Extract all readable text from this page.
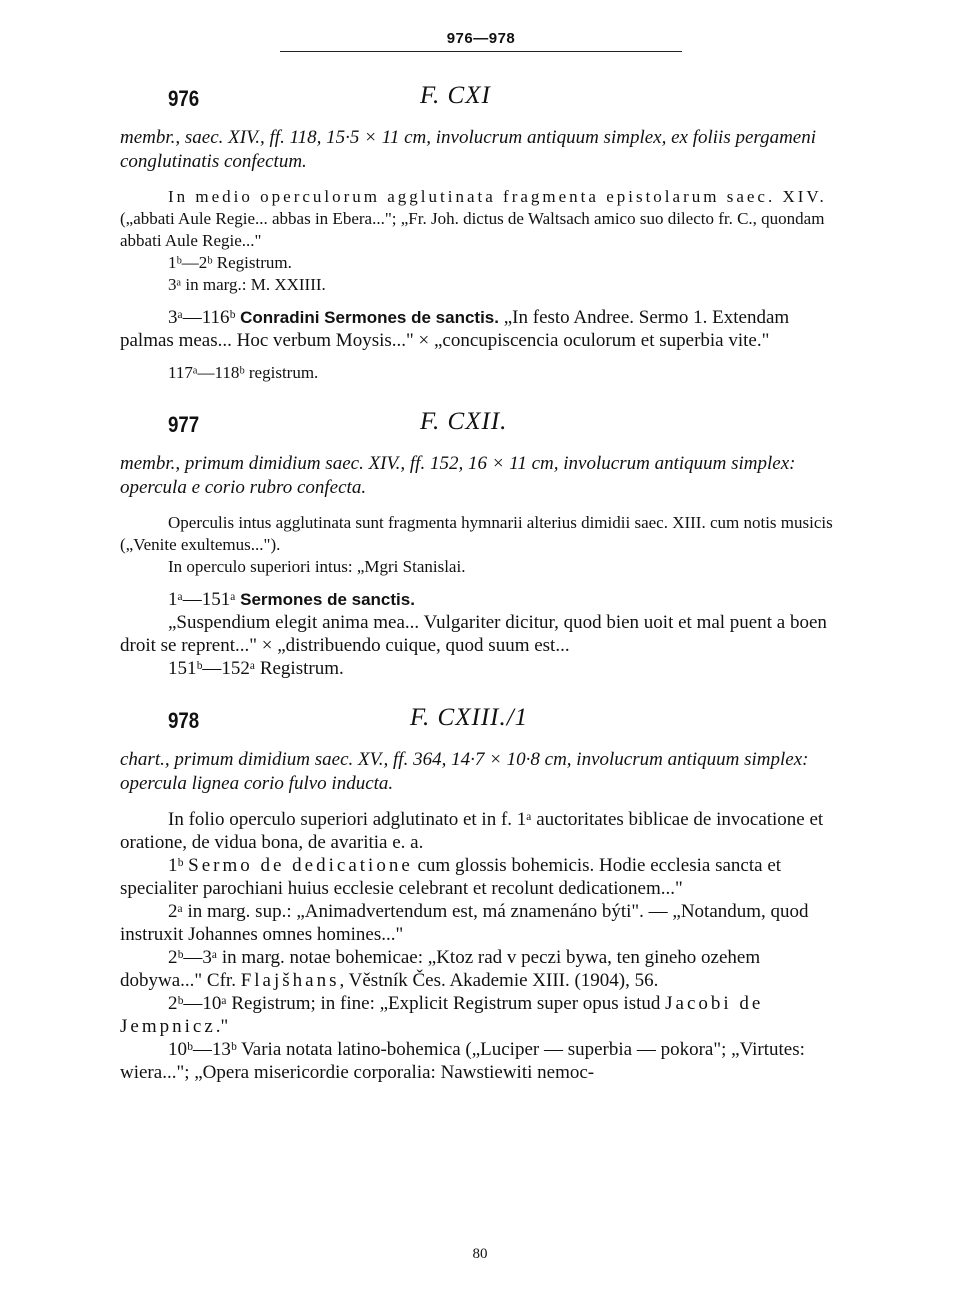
976—978
976	F. CXI
membr., saec. XIV., ff. 118, 15·5 × 11 cm, involucrum antiquum simplex, ex foliis pergameni conglutinatis confectum.

In medio operculorum agglutinata fragmenta epistolarum saec. XIV. („abbati Aule Regie... abbas in Ebera..."; „Fr. Joh. dictus de Waltsach amico suo dilecto fr. C., quondam abbati Aule Regie..."

1ᵇ—2ᵇ Registrum.

3ᵃ in marg.: M. XXIIII.

3ᵃ—116ᵇ Conradini Sermones de sanctis. „In festo Andree. Sermo 1. Extendam palmas meas... Hoc verbum Moysis..." × „concupiscencia oculorum et superbia vite."

117ᵃ—118ᵇ registrum.

977	F. CXII.
membr., primum dimidium saec. XIV., ff. 152, 16 × 11 cm, involucrum antiquum simplex: opercula e corio rubro confecta.

Operculis intus agglutinata sunt fragmenta hymnarii alterius dimidii saec. XIII. cum notis musicis („Venite exultemus...").

In operculo superiori intus: „Mgri Stanislai.

1ᵃ—151ᵃ Sermones de sanctis.

„Suspendium elegit anima mea... Vulgariter dicitur, quod bien uoit et mal puent a boen droit se reprent..." × „distribuendo cuique, quod suum est...

151ᵇ—152ᵃ Registrum.

978	F. CXIII./1
chart., primum dimidium saec. XV., ff. 364, 14·7 × 10·8 cm, involucrum antiquum simplex: opercula lignea corio fulvo inducta.

In folio operculo superiori adglutinato et in f. 1ᵃ auctoritates biblicae de invocatione et oratione, de vidua bona, de avaritia e. a.

1ᵇ Sermo de dedicatione cum glossis bohemicis. Hodie ecclesia sancta et specialiter parochiani huius ecclesie celebrant et recolunt dedicationem..."

2ᵃ in marg. sup.: „Animadvertendum est, má znamenáno býti". — „Notandum, quod instruxit Johannes omnes homines..."

2ᵇ—3ᵃ in marg. notae bohemicae: „Ktoz rad v peczi bywa, ten gineho ozehem dobywa..." Cfr. Flajšhans, Věstník Čes. Akademie XIII. (1904), 56.

2ᵇ—10ᵃ Registrum; in fine: „Explicit Registrum super opus istud Jacobi de Jempnicz."

10ᵇ—13ᵇ Varia notata latino-bohemica („Luciper — superbia — pokora"; „Virtutes: wiera..."; „Opera misericordie corporalia: Nawstiewiti nemoc-

80
